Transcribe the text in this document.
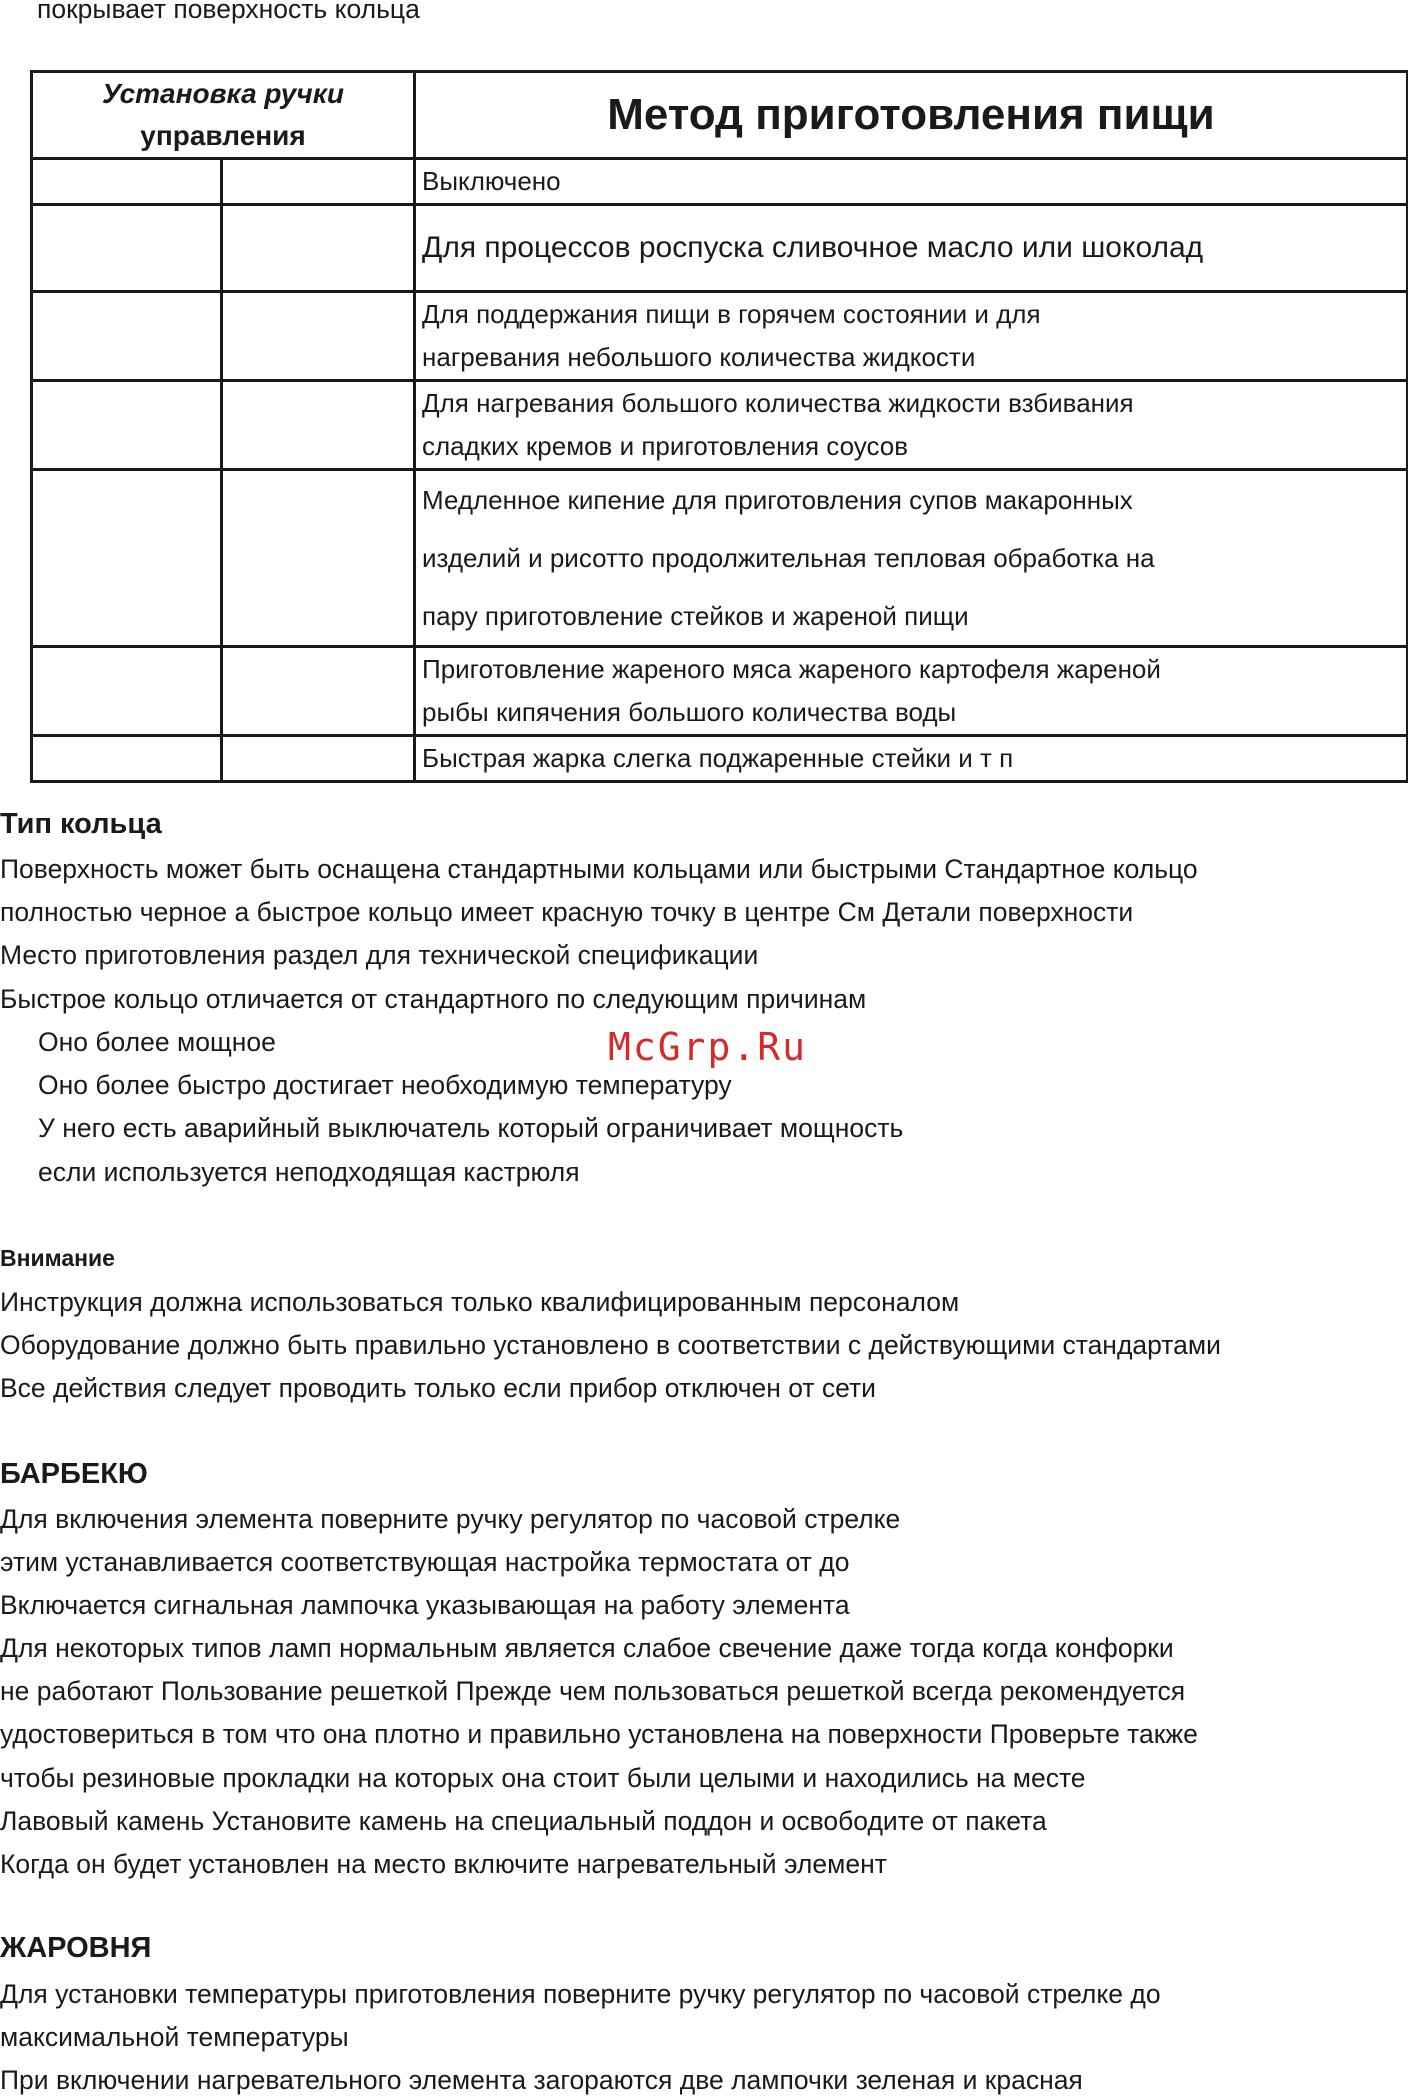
покрывает поверхность кольца
Установка ручки
управления		Метод приготовления пищи
		Выключено
		Для процессов роспуска сливочное масло или шоколад

		Для поддержания пищи в горячем состоянии и для
нагревания небольшого количества жидкости

		Для нагревания большого количества жидкости взбивания
сладких кремов и приготовления соусов

		Медленное кипение для приготовления супов макаронных
изделий и рисотто продолжительная тепловая обработка на
пару приготовление стейков и жареной пищи

		Приготовление жареного мяса жареного картофеля жареной
рыбы кипячения большого количества воды

		Быстрая жарка слегка поджаренные стейки и т п
Тип кольца
Поверхность может быть оснащена стандартными кольцами или быстрыми Стандартное кольцо
полностью черное а быстрое кольцо имеет красную точку в центре См Детали поверхности
Место приготовления раздел для технической спецификации
Быстрое кольцо отличается от стандартного по следующим причинам
Оно более мощное
Оно более быстро достигает необходимую температуру
У него есть аварийный выключатель который ограничивает мощность
если используется неподходящая кастрюля
McGrp.Ru
Внимание
Инструкция должна использоваться только квалифицированным персоналом
Оборудование должно быть правильно установлено в соответствии с действующими стандартами
Все действия следует проводить только если прибор отключен от сети
БАРБЕКЮ
Для включения элемента поверните ручку регулятор по часовой стрелке
этим устанавливается соответствующая настройка термостата от до
Включается сигнальная лампочка указывающая на работу элемента
Для некоторых типов ламп нормальным является слабое свечение даже тогда когда конфорки
не работают Пользование решеткой Прежде чем пользоваться решеткой всегда рекомендуется
удостовериться в том что она плотно и правильно установлена на поверхности Проверьте также
чтобы резиновые прокладки на которых она стоит были целыми и находились на месте
Лавовый камень Установите камень на специальный поддон и освободите от пакета
Когда он будет установлен на место включите нагревательный элемент
ЖАРОВНЯ
Для установки температуры приготовления поверните ручку регулятор по часовой стрелке до
максимальной температуры
При включении нагревательного элемента загораются две лампочки зеленая и красная
